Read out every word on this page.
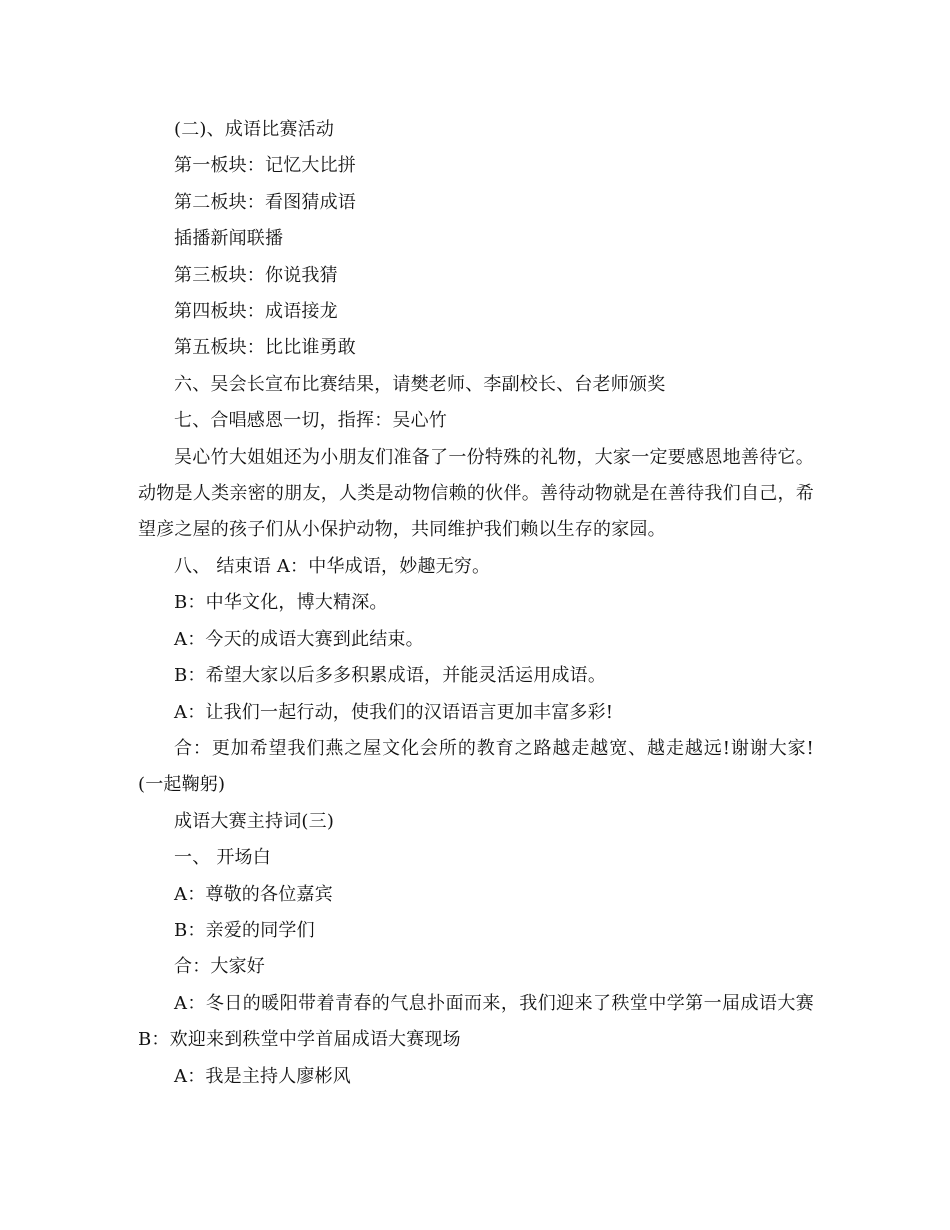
(二)、成语比赛活动

第一板块：记忆大比拼

第二板块：看图猜成语

插播新闻联播

第三板块：你说我猜

第四板块：成语接龙

第五板块：比比谁勇敢

六、吴会长宣布比赛结果，请樊老师、李副校长、台老师颁奖

七、合唱感恩一切，指挥：吴心竹

吴心竹大姐姐还为小朋友们准备了一份特殊的礼物，大家一定要感恩地善待它。动物是人类亲密的朋友，人类是动物信赖的伙伴。善待动物就是在善待我们自己，希望彦之屋的孩子们从小保护动物，共同维护我们赖以生存的家园。

八、 结束语 A：中华成语，妙趣无穷。

B：中华文化，博大精深。

A：今天的成语大赛到此结束。

B：希望大家以后多多积累成语，并能灵活运用成语。

A：让我们一起行动，使我们的汉语语言更加丰富多彩!

合：更加希望我们燕之屋文化会所的教育之路越走越宽、越走越远!谢谢大家!(一起鞠躬)

成语大赛主持词(三)

一、 开场白

A：尊敬的各位嘉宾

B：亲爱的同学们

合：大家好

A：冬日的暖阳带着青春的气息扑面而来，我们迎来了秩堂中学第一届成语大赛 B：欢迎来到秩堂中学首届成语大赛现场

A：我是主持人廖彬风
